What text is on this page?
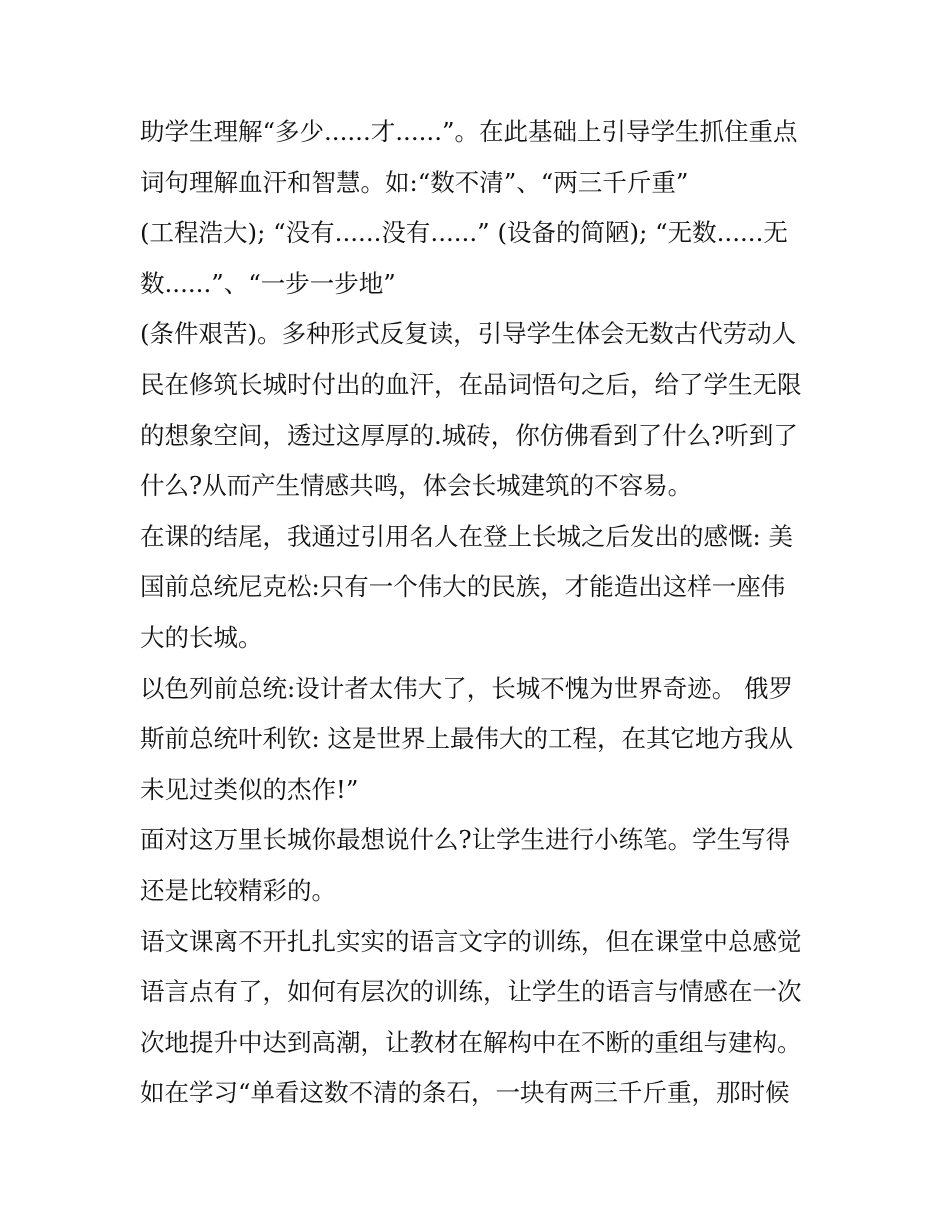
助学生理解“多少......才......”。在此基础上引导学生抓住重点
词句理解血汗和智慧。如:“数不清”、“两三千斤重”
(工程浩大); “没有......没有......” (设备的简陋); “无数......无
数......”、“一步一步地”
(条件艰苦)。多种形式反复读，引导学生体会无数古代劳动人
民在修筑长城时付出的血汗，在品词悟句之后，给了学生无限
的想象空间，透过这厚厚的.城砖，你仿佛看到了什么?听到了
什么?从而产生情感共鸣，体会长城建筑的不容易。
在课的结尾，我通过引用名人在登上长城之后发出的感慨: 美
国前总统尼克松:只有一个伟大的民族，才能造出这样一座伟
大的长城。
以色列前总统:设计者太伟大了，长城不愧为世界奇迹。 俄罗
斯前总统叶利钦: 这是世界上最伟大的工程，在其它地方我从
未见过类似的杰作!”
面对这万里长城你最想说什么?让学生进行小练笔。学生写得
还是比较精彩的。
语文课离不开扎扎实实的语言文字的训练，但在课堂中总感觉
语言点有了，如何有层次的训练，让学生的语言与情感在一次
次地提升中达到高潮，让教材在解构中在不断的重组与建构。
如在学习“单看这数不清的条石，一块有两三千斤重，那时候
